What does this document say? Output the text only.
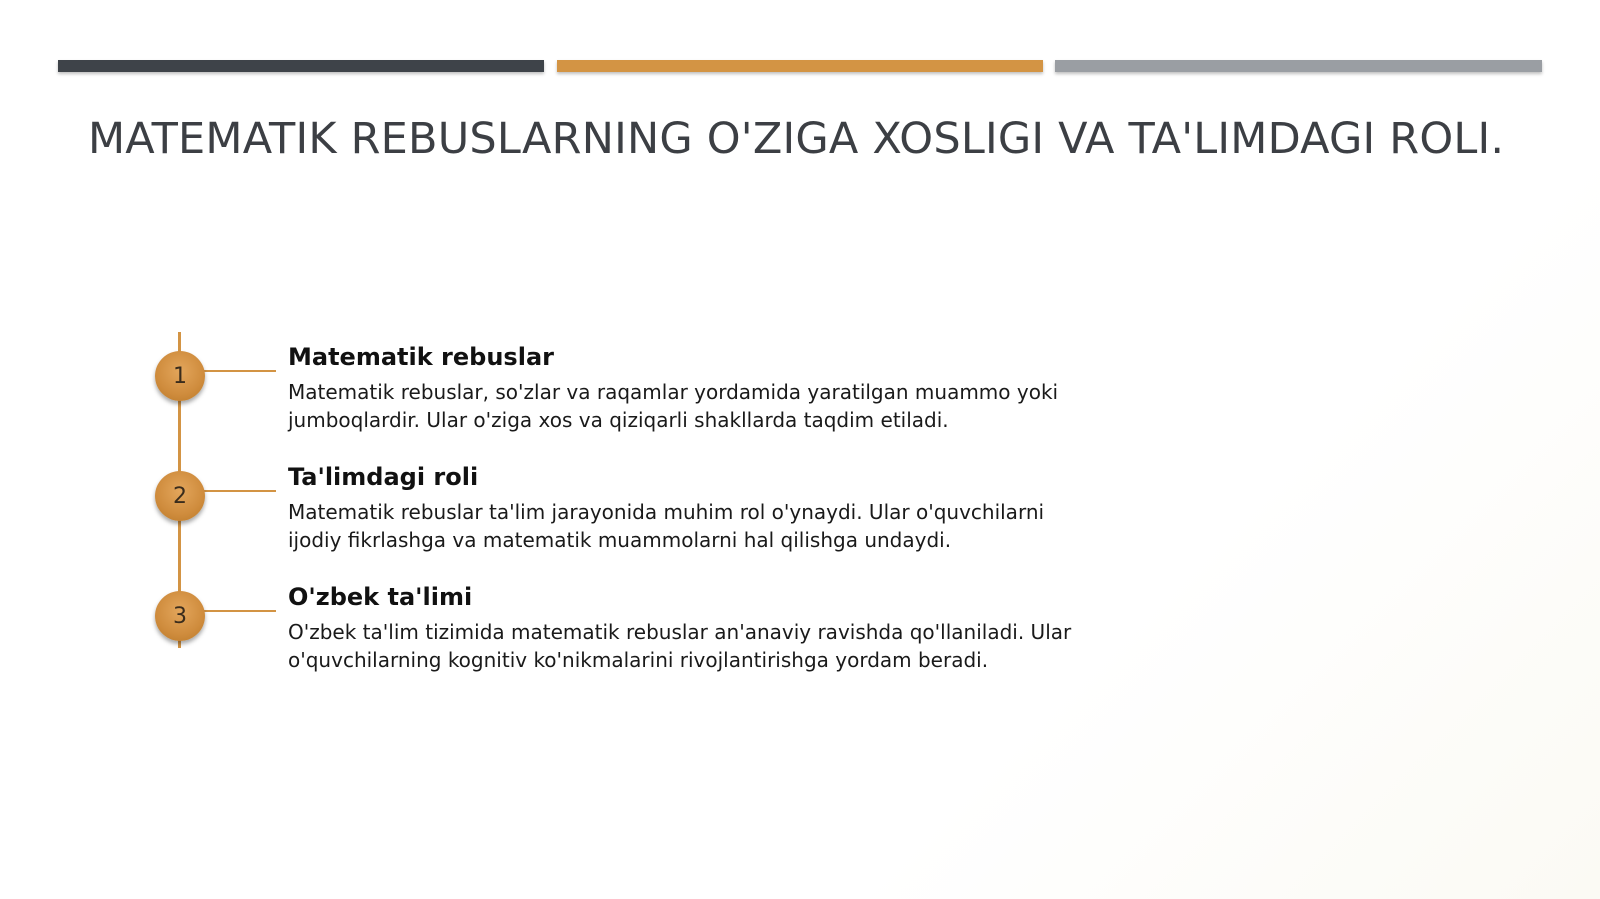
MATEMATIK REBUSLARNING O'ZIGA XOSLIGI VA TA'LIMDAGI ROLI.
1
Matematik rebuslar

Matematik rebuslar, so'zlar va raqamlar yordamida yaratilgan muammo yoki jumboqlardir. Ular o'ziga xos va qiziqarli shakllarda taqdim etiladi.

2
Ta'limdagi roli

Matematik rebuslar ta'lim jarayonida muhim rol o'ynaydi. Ular o'quvchilarni ijodiy fikrlashga va matematik muammolarni hal qilishga undaydi.

3
O'zbek ta'limi

O'zbek ta'lim tizimida matematik rebuslar an'anaviy ravishda qo'llaniladi. Ular o'quvchilarning kognitiv ko'nikmalarini rivojlantirishga yordam beradi.
